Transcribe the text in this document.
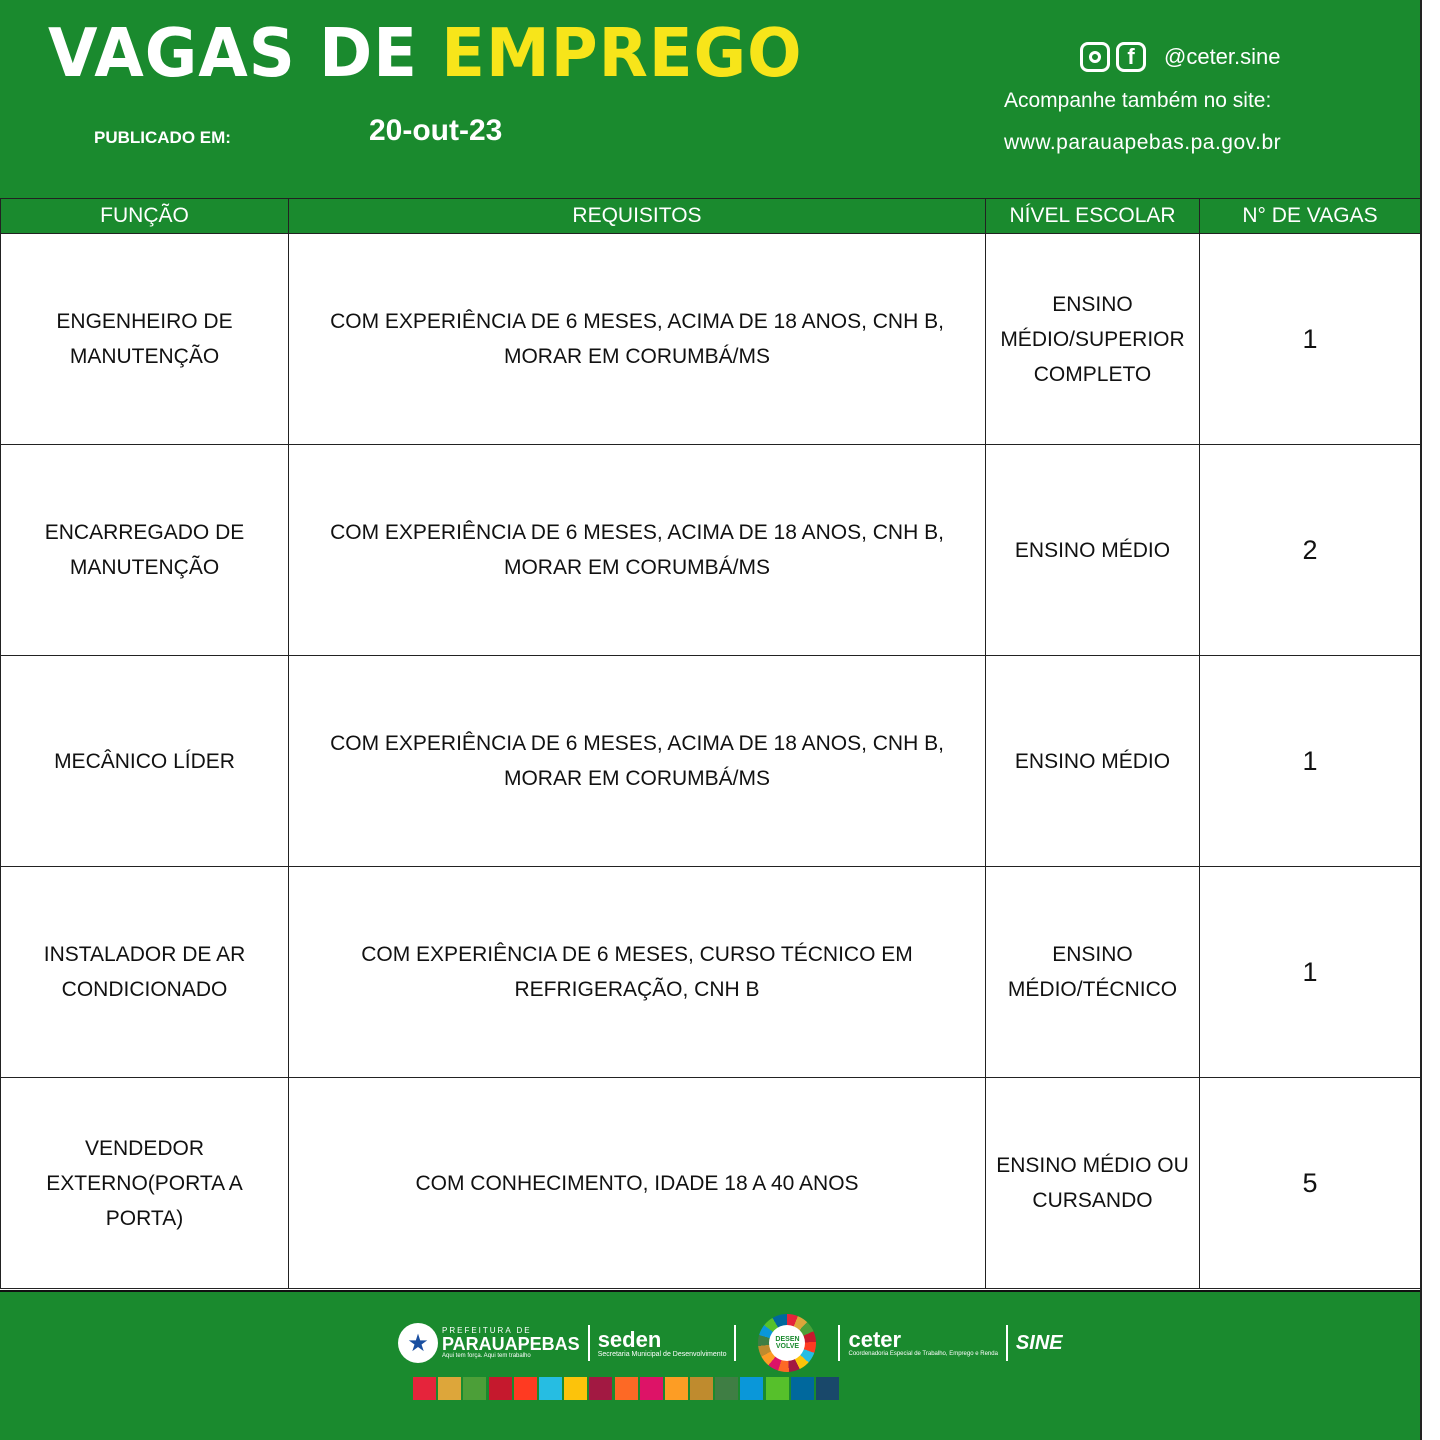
VAGAS DE EMPREGO
PUBLICADO EM:	20-out-23
f	@ceter.sine
Acompanhe também no site:
www.parauapebas.pa.gov.br
FUNÇÃO	REQUISITOS	NÍVEL ESCOLAR	N° DE VAGAS
ENGENHEIRO DE MANUTENÇÃO	COM EXPERIÊNCIA DE 6 MESES, ACIMA DE 18 ANOS, CNH B, MORAR EM CORUMBÁ/MS	ENSINO MÉDIO/SUPERIOR COMPLETO	1
ENCARREGADO DE MANUTENÇÃO	COM EXPERIÊNCIA DE 6 MESES, ACIMA DE 18 ANOS, CNH B, MORAR EM CORUMBÁ/MS	ENSINO MÉDIO	2
MECÂNICO LÍDER	COM EXPERIÊNCIA DE 6 MESES, ACIMA DE 18 ANOS, CNH B, MORAR EM CORUMBÁ/MS	ENSINO MÉDIO	1
INSTALADOR DE AR CONDICIONADO	COM EXPERIÊNCIA DE 6 MESES, CURSO TÉCNICO EM REFRIGERAÇÃO, CNH B	ENSINO MÉDIO/TÉCNICO	1
VENDEDOR EXTERNO(PORTA A PORTA)	COM CONHECIMENTO, IDADE 18 A 40 ANOS	ENSINO MÉDIO OU CURSANDO	5
★	PREFEITURA DE
PARAUAPEBAS
Aqui tem força. Aqui tem trabalho
seden
Secretaria Municipal de Desenvolvimento
DESEN VOLVE ceter
Coordenadoria Especial de Trabalho, Emprego e Renda
SINE
